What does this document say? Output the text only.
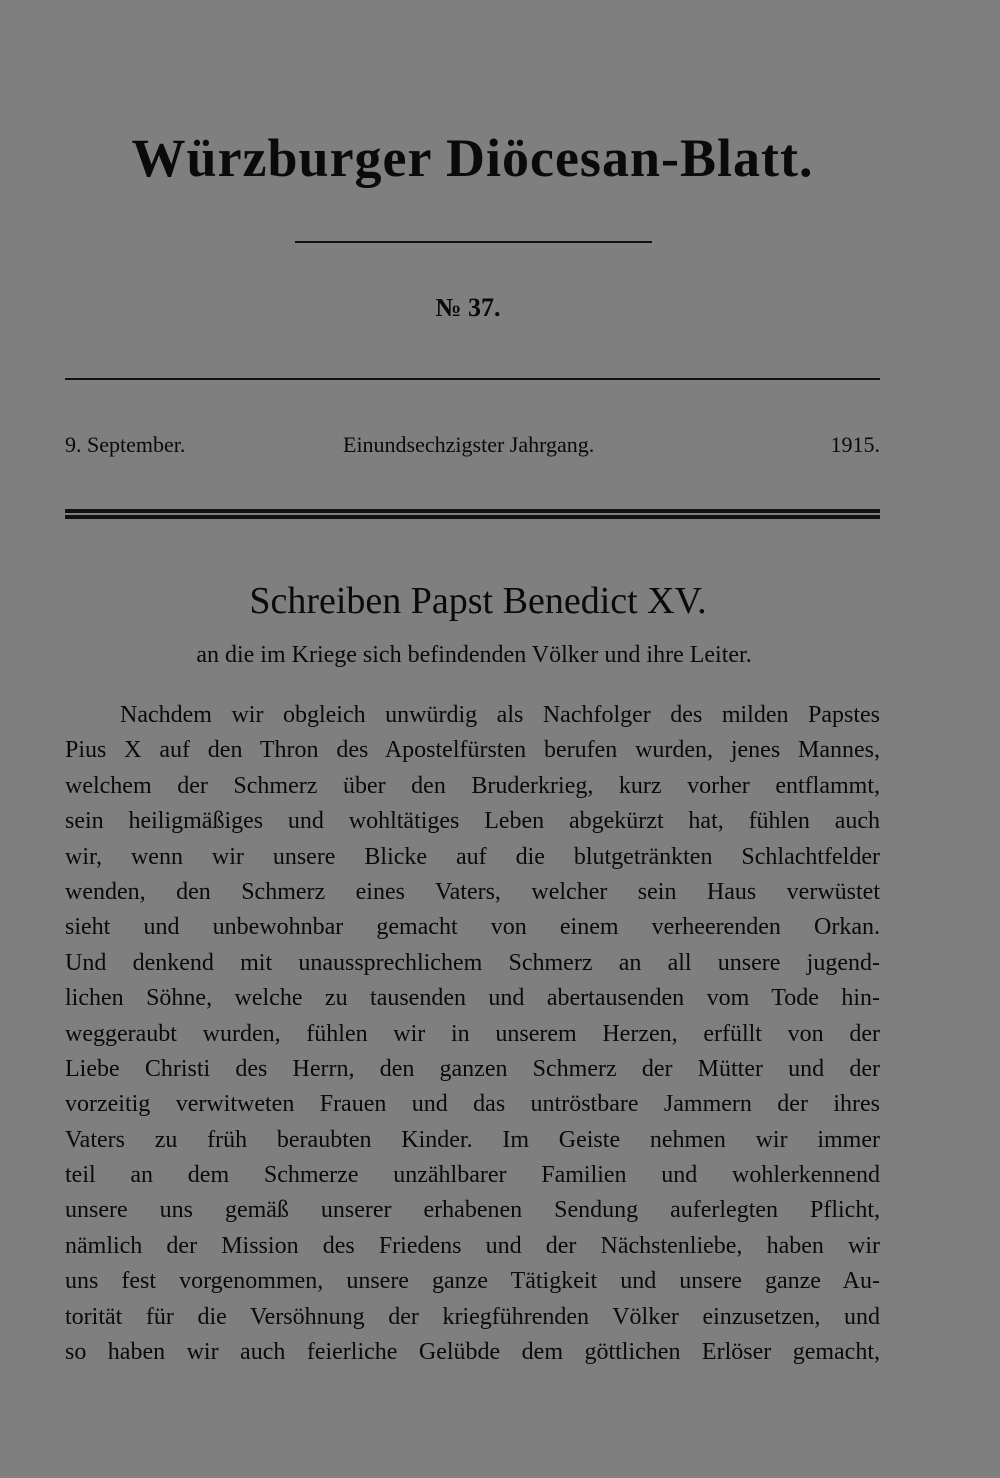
Würzburger Diöcesan-Blatt.
№ 37.
9. September.	Einundsechzigster Jahrgang.	1915.
Schreiben Papst Benedict XV.
an die im Kriege sich befindenden Völker und ihre Leiter.
Nachdem wir obgleich unwürdig als Nachfolger des milden Papstes
Pius X auf den Thron des Apostelfürsten berufen wurden, jenes Mannes,
welchem der Schmerz über den Bruderkrieg, kurz vorher entflammt,
sein heiligmäßiges und wohltätiges Leben abgekürzt hat, fühlen auch
wir, wenn wir unsere Blicke auf die blutgetränkten Schlachtfelder
wenden, den Schmerz eines Vaters, welcher sein Haus verwüstet
sieht und unbewohnbar gemacht von einem verheerenden Orkan.
Und denkend mit unaussprechlichem Schmerz an all unsere jugend-
lichen Söhne, welche zu tausenden und abertausenden vom Tode hin-
weggeraubt wurden, fühlen wir in unserem Herzen, erfüllt von der
Liebe Christi des Herrn, den ganzen Schmerz der Mütter und der
vorzeitig verwitweten Frauen und das untröstbare Jammern der ihres
Vaters zu früh beraubten Kinder. Im Geiste nehmen wir immer
teil an dem Schmerze unzählbarer Familien und wohlerkennend
unsere uns gemäß unserer erhabenen Sendung auferlegten Pflicht,
nämlich der Mission des Friedens und der Nächstenliebe, haben wir
uns fest vorgenommen, unsere ganze Tätigkeit und unsere ganze Au-
torität für die Versöhnung der kriegführenden Völker einzusetzen, und
so haben wir auch feierliche Gelübde dem göttlichen Erlöser gemacht,
